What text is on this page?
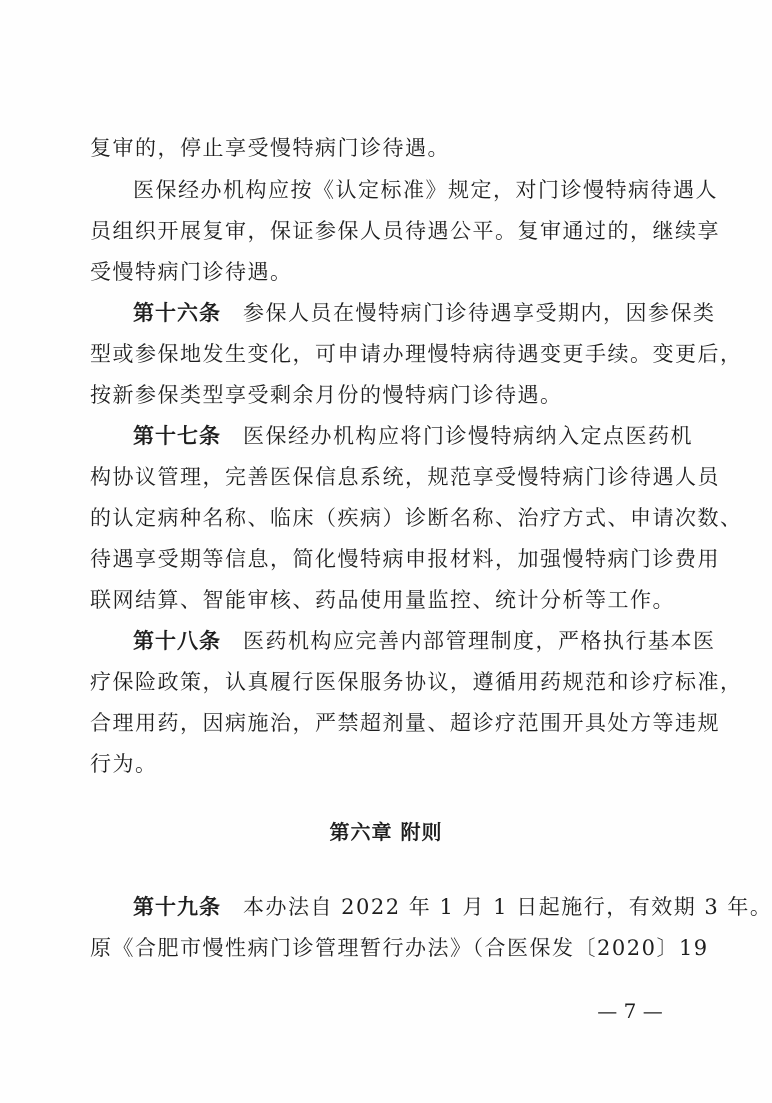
复审的，停止享受慢特病门诊待遇。
医保经办机构应按《认定标准》规定，对门诊慢特病待遇人
员组织开展复审，保证参保人员待遇公平。复审通过的，继续享
受慢特病门诊待遇。
第十六条 参保人员在慢特病门诊待遇享受期内，因参保类
型或参保地发生变化，可申请办理慢特病待遇变更手续。变更后，
按新参保类型享受剩余月份的慢特病门诊待遇。
第十七条 医保经办机构应将门诊慢特病纳入定点医药机
构协议管理，完善医保信息系统，规范享受慢特病门诊待遇人员
的认定病种名称、临床（疾病）诊断名称、治疗方式、申请次数、
待遇享受期等信息，简化慢特病申报材料，加强慢特病门诊费用
联网结算、智能审核、药品使用量监控、统计分析等工作。
第十八条 医药机构应完善内部管理制度，严格执行基本医
疗保险政策，认真履行医保服务协议，遵循用药规范和诊疗标准，
合理用药，因病施治，严禁超剂量、超诊疗范围开具处方等违规
行为。
第六章 附则
第十九条 本办法自 2022 年 1 月 1 日起施行，有效期 3 年。
原《合肥市慢性病门诊管理暂行办法》（合医保发〔2020〕19
— 7 —
